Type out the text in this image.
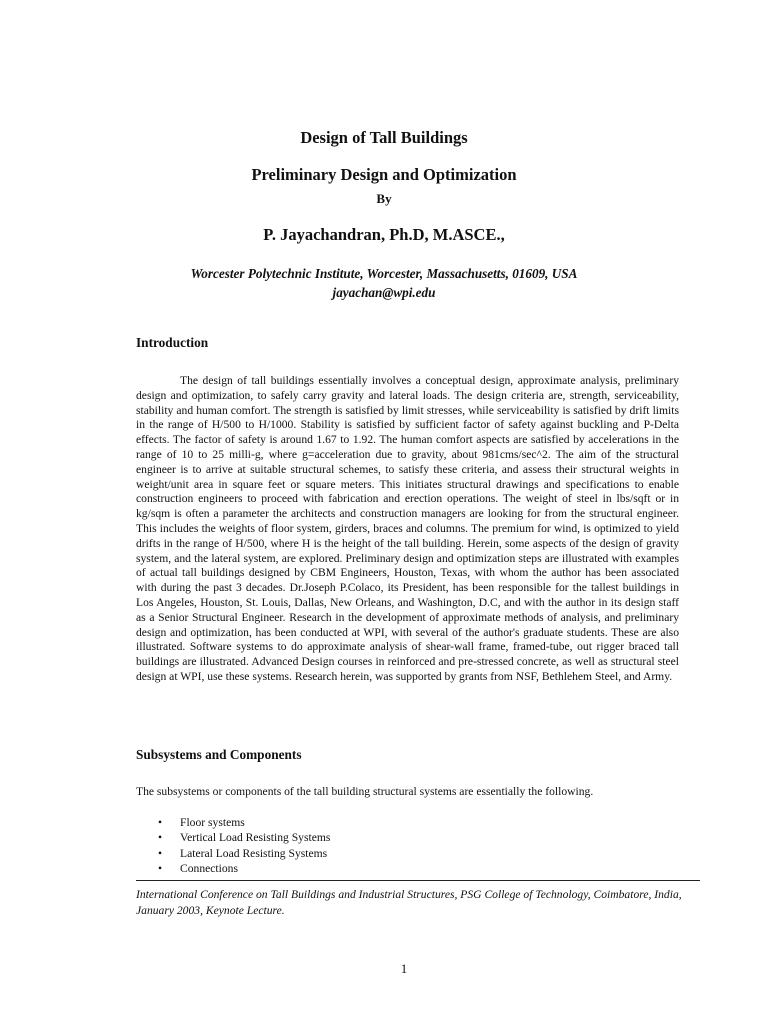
Design of Tall Buildings
Preliminary Design and Optimization
By
P. Jayachandran, Ph.D, M.ASCE.,
Worcester Polytechnic Institute, Worcester, Massachusetts, 01609, USA
jayachan@wpi.edu
Introduction

The design of tall buildings essentially involves a conceptual design, approximate analysis, preliminary design and optimization, to safely carry gravity and lateral loads. The design criteria are, strength, serviceability, stability and human comfort. The strength is satisfied by limit stresses, while serviceability is satisfied by drift limits in the range of H/500 to H/1000. Stability is satisfied by sufficient factor of safety against buckling and P-Delta effects. The factor of safety is around 1.67 to 1.92. The human comfort aspects are satisfied by accelerations in the range of 10 to 25 milli-g, where g=acceleration due to gravity, about 981cms/sec^2. The aim of the structural engineer is to arrive at suitable structural schemes, to satisfy these criteria, and assess their structural weights in weight/unit area in square feet or square meters. This initiates structural drawings and specifications to enable construction engineers to proceed with fabrication and erection operations. The weight of steel in lbs/sqft or in kg/sqm is often a parameter the architects and construction managers are looking for from the structural engineer. This includes the weights of floor system, girders, braces and columns. The premium for wind, is optimized to yield drifts in the range of H/500, where H is the height of the tall building. Herein, some aspects of the design of gravity system, and the lateral system, are explored. Preliminary design and optimization steps are illustrated with examples of actual tall buildings designed by CBM Engineers, Houston, Texas, with whom the author has been associated with during the past 3 decades. Dr.Joseph P.Colaco, its President, has been responsible for the tallest buildings in Los Angeles, Houston, St. Louis, Dallas, New Orleans, and Washington, D.C, and with the author in its design staff as a Senior Structural Engineer. Research in the development of approximate methods of analysis, and preliminary design and optimization, has been conducted at WPI, with several of the author's graduate students. These are also illustrated. Software systems to do approximate analysis of shear-wall frame, framed-tube, out rigger braced tall buildings are illustrated. Advanced Design courses in reinforced and pre-stressed concrete, as well as structural steel design at WPI, use these systems. Research herein, was supported by grants from NSF, Bethlehem Steel, and Army.

Subsystems and Components
The subsystems or components of the tall building structural systems are essentially the following.
• Floor systems
• Vertical Load Resisting Systems
• Lateral Load Resisting Systems
• Connections

International Conference on Tall Buildings and Industrial Structures, PSG College of Technology, Coimbatore, India, January 2003, Keynote Lecture.

1
